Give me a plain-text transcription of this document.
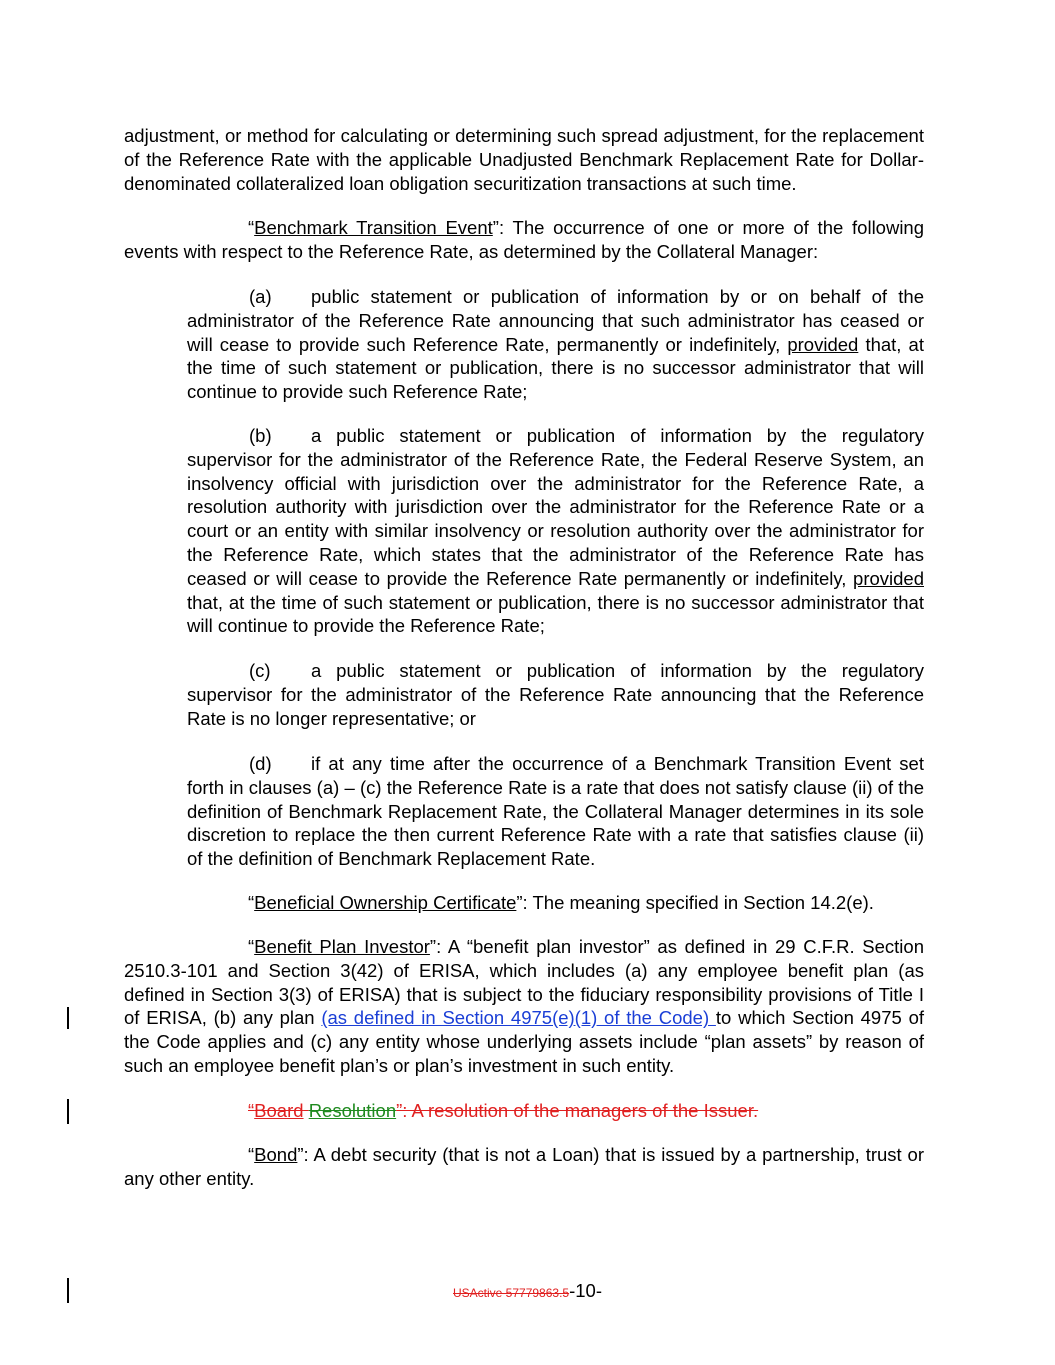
adjustment, or method for calculating or determining such spread adjustment, for the replacement of the Reference Rate with the applicable Unadjusted Benchmark Replacement Rate for Dollar-denominated collateralized loan obligation securitization transactions at such time.
“Benchmark Transition Event”: The occurrence of one or more of the following events with respect to the Reference Rate, as determined by the Collateral Manager:
(a) public statement or publication of information by or on behalf of the administrator of the Reference Rate announcing that such administrator has ceased or will cease to provide such Reference Rate, permanently or indefinitely, provided that, at the time of such statement or publication, there is no successor administrator that will continue to provide such Reference Rate;
(b) a public statement or publication of information by the regulatory supervisor for the administrator of the Reference Rate, the Federal Reserve System, an insolvency official with jurisdiction over the administrator for the Reference Rate, a resolution authority with jurisdiction over the administrator for the Reference Rate or a court or an entity with similar insolvency or resolution authority over the administrator for the Reference Rate, which states that the administrator of the Reference Rate has ceased or will cease to provide the Reference Rate permanently or indefinitely, provided that, at the time of such statement or publication, there is no successor administrator that will continue to provide the Reference Rate;
(c) a public statement or publication of information by the regulatory supervisor for the administrator of the Reference Rate announcing that the Reference Rate is no longer representative; or
(d) if at any time after the occurrence of a Benchmark Transition Event set forth in clauses (a) – (c) the Reference Rate is a rate that does not satisfy clause (ii) of the definition of Benchmark Replacement Rate, the Collateral Manager determines in its sole discretion to replace the then current Reference Rate with a rate that satisfies clause (ii) of the definition of Benchmark Replacement Rate.
“Beneficial Ownership Certificate”: The meaning specified in Section 14.2(e).
“Benefit Plan Investor”: A “benefit plan investor” as defined in 29 C.F.R. Section 2510.3-101 and Section 3(42) of ERISA, which includes (a) any employee benefit plan (as defined in Section 3(3) of ERISA) that is subject to the fiduciary responsibility provisions of Title I of ERISA, (b) any plan (as defined in Section 4975(e)(1) of the Code) to which Section 4975 of the Code applies and (c) any entity whose underlying assets include “plan assets” by reason of such an employee benefit plan’s or plan’s investment in such entity.
“Board Resolution”: A resolution of the managers of the Issuer.
“Bond”: A debt security (that is not a Loan) that is issued by a partnership, trust or any other entity.
USActive 57779863.5-10-
